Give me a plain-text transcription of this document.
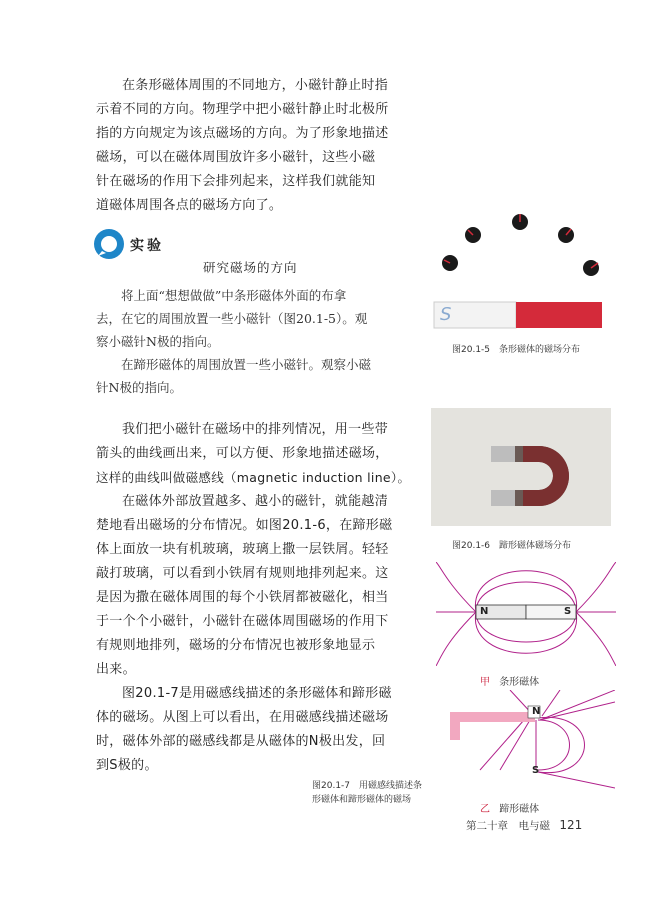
在条形磁体周围的不同地方，小磁针静止时指

示着不同的方向。物理学中把小磁针静止时北极所

指的方向规定为该点磁场的方向。为了形象地描述

磁场，可以在磁体周围放许多小磁针，这些小磁

针在磁场的作用下会排列起来，这样我们就能知

道磁体周围各点的磁场方向了。

实验
研究磁场的方向

将上面“想想做做”中条形磁体外面的布拿

去，在它的周围放置一些小磁针（图20.1-5）。观

察小磁针N极的指向。

在蹄形磁体的周围放置一些小磁针。观察小磁

针N极的指向。

我们把小磁针在磁场中的排列情况，用一些带

箭头的曲线画出来，可以方便、形象地描述磁场，

这样的曲线叫做磁感线（magnetic induction line）。

在磁体外部放置越多、越小的磁针，就能越清

楚地看出磁场的分布情况。如图20.1-6，在蹄形磁

体上面放一块有机玻璃，玻璃上撒一层铁屑。轻轻

敲打玻璃，可以看到小铁屑有规则地排列起来。这

是因为撒在磁体周围的每个小铁屑都被磁化，相当

于一个个小磁针，小磁针在磁体周围磁场的作用下

有规则地排列，磁场的分布情况也被形象地显示

出来。

图20.1-7是用磁感线描述的条形磁体和蹄形磁

体的磁场。从图上可以看出，在用磁感线描述磁场

时，磁体外部的磁感线都是从磁体的N极出发，回

到S极的。

S
图20.1-5　条形磁体的磁场分布
图20.1-6　蹄形磁体磁场分布
N	S
甲 条形磁体
N
S
图20.1-7　用磁感线描述条
形磁体和蹄形磁体的磁场
乙 蹄形磁体
第二十章　电与磁 121
